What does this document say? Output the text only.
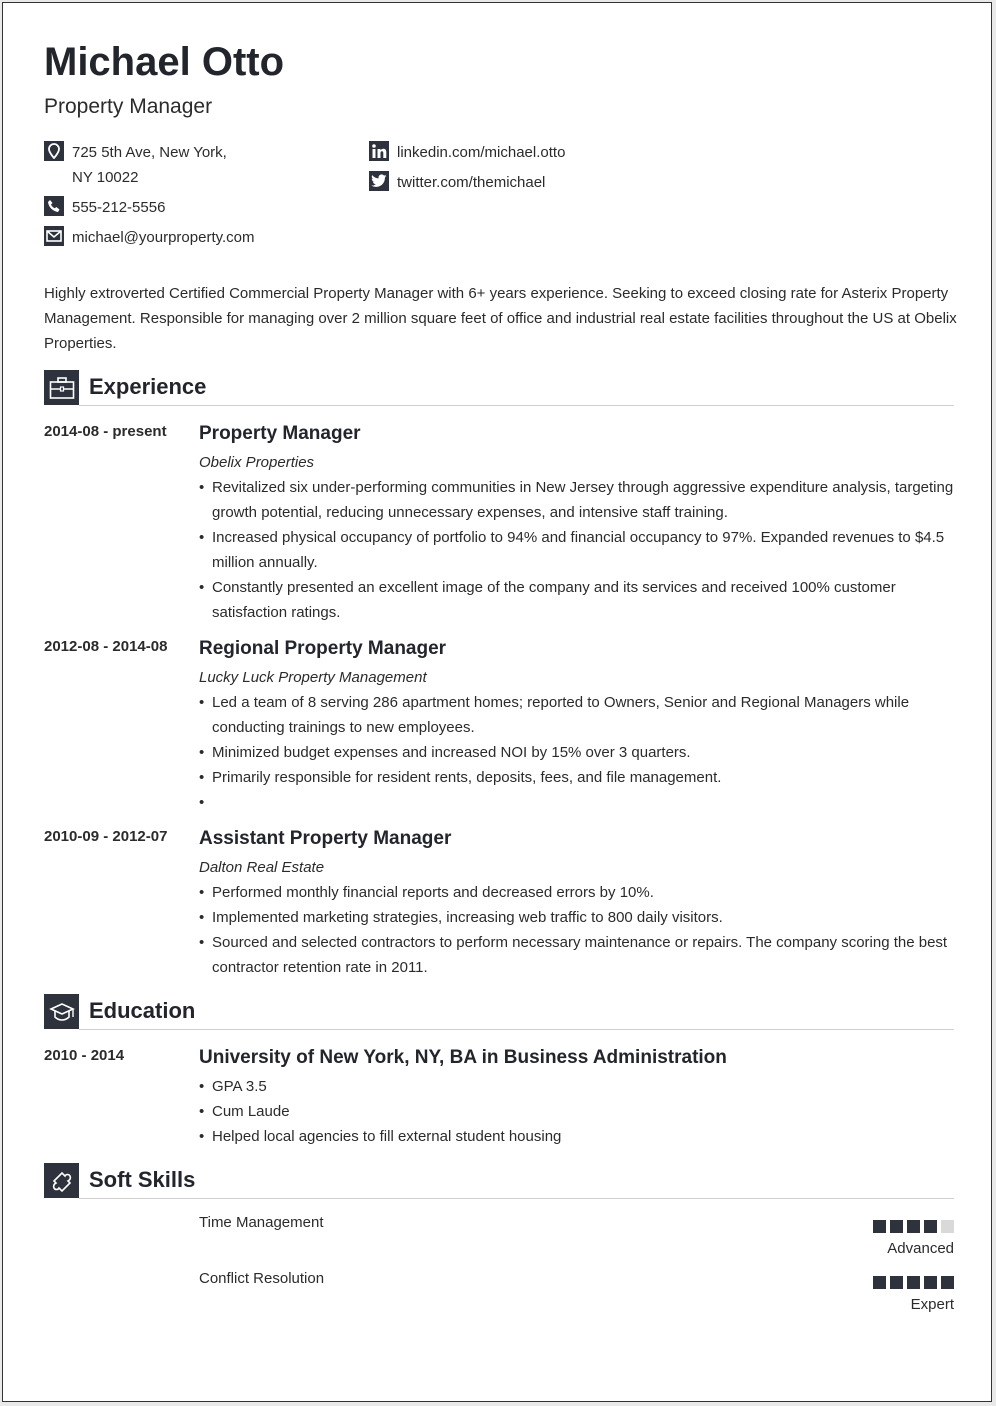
Michael Otto
Property Manager
725 5th Ave, New York,
NY 10022
555-212-5556
michael@yourproperty.com
linkedin.com/michael.otto
twitter.com/themichael
Highly extroverted Certified Commercial Property Manager with 6+ years experience. Seeking to exceed closing rate for Asterix Property Management. Responsible for managing over 2 million square feet of office and industrial real estate facilities throughout the US at Obelix Properties.
Experience
2014-08 - present Property Manager
Obelix Properties
• Revitalized six under-performing communities in New Jersey through aggressive expenditure analysis, targeting growth potential, reducing unnecessary expenses, and intensive staff training.
• Increased physical occupancy of portfolio to 94% and financial occupancy to 97%. Expanded revenues to $4.5 million annually.
• Constantly presented an excellent image of the company and its services and received 100% customer satisfaction ratings.
2012-08 - 2014-08 Regional Property Manager
Lucky Luck Property Management
• Led a team of 8 serving 286 apartment homes; reported to Owners, Senior and Regional Managers while conducting trainings to new employees.
• Minimized budget expenses and increased NOI by 15% over 3 quarters.
• Primarily responsible for resident rents, deposits, fees, and file management.
•
2010-09 - 2012-07 Assistant Property Manager
Dalton Real Estate
• Performed monthly financial reports and decreased errors by 10%.
• Implemented marketing strategies, increasing web traffic to 800 daily visitors.
• Sourced and selected contractors to perform necessary maintenance or repairs. The company scoring the best contractor retention rate in 2011.
Education
2010 - 2014	University of New York, NY, BA in Business Administration
• GPA 3.5
• Cum Laude
• Helped local agencies to fill external student housing
Soft Skills
Time Management
Advanced
Conflict Resolution
Expert
